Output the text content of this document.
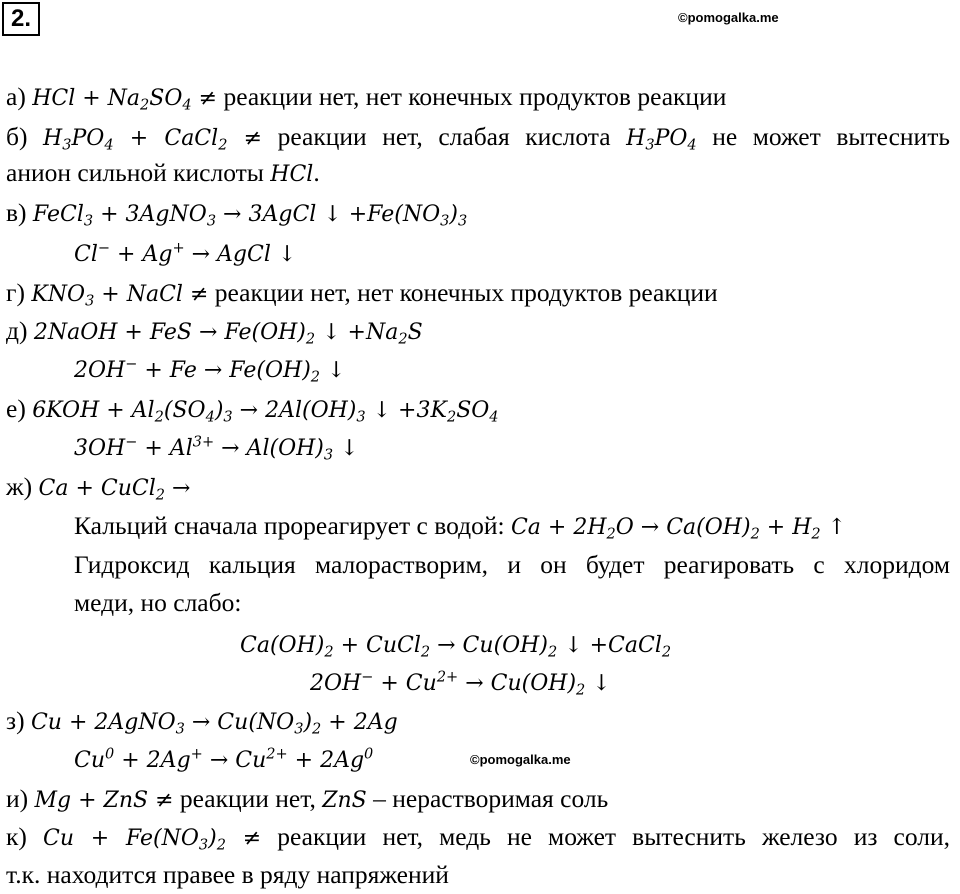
2.	©pomogalka.me
©pomogalka.me
а) HCl + $Na_2SO_4$ ≠ реакции нет, нет конечных продуктов реакции
б) $H_3PO_4$ + CaCl$_2$ ≠ реакции нет, слабая кислота $H_3PO_4$ не может вытеснить
анион сильной кислоты HCl.
в) FeCl$_3$ + 3AgNO$_3$ → 3AgCl ↓ $+Fe(NO_3)_3$
Cl− + Ag+ → AgCl ↓
г) $KNO_3$ + NaCl ≠ реакции нет, нет конечных продуктов реакции
д) 2NaOH + FeS → $Fe(OH)_2$ ↓ $+Na_2S$
$2OH^- + Fe \to Fe(OH)_2$ ↓
е) $6KOH + Al_2(SO_4)_3 \to 2Al(OH)_3$ ↓ $+3K_2SO_4$
$3OH^- + Al^{3+} \to Al(OH)_3$ ↓
ж) Ca + CuCl$_2$ →
Кальций сначала прореагирует с водой: $Ca + 2H_2O \to Ca(OH)_2 + H_2$ ↑
Гидроксид кальция малорастворим, и он будет реагировать с хлоридом
меди, но слабо:
$Ca(OH)_2$ + CuCl$_2$ → $Cu(OH)_2$ ↓ +CaCl$_2$
$2OH^- + Cu^{2+} \to Cu(OH)_2$ ↓
з) Cu + 2AgNO$_3$ → $Cu(NO_3)_2 + 2Ag$
$Cu^0 + 2Ag^+ \to Cu^{2+} + 2Ag^0$
и) Mg + ZnS ≠ реакции нет, ZnS – нерастворимая соль
к) $Cu + Fe(NO_3)_2$ ≠ реакции нет, медь не может вытеснить железо из соли,
т.к. находится правее в ряду напряжений
